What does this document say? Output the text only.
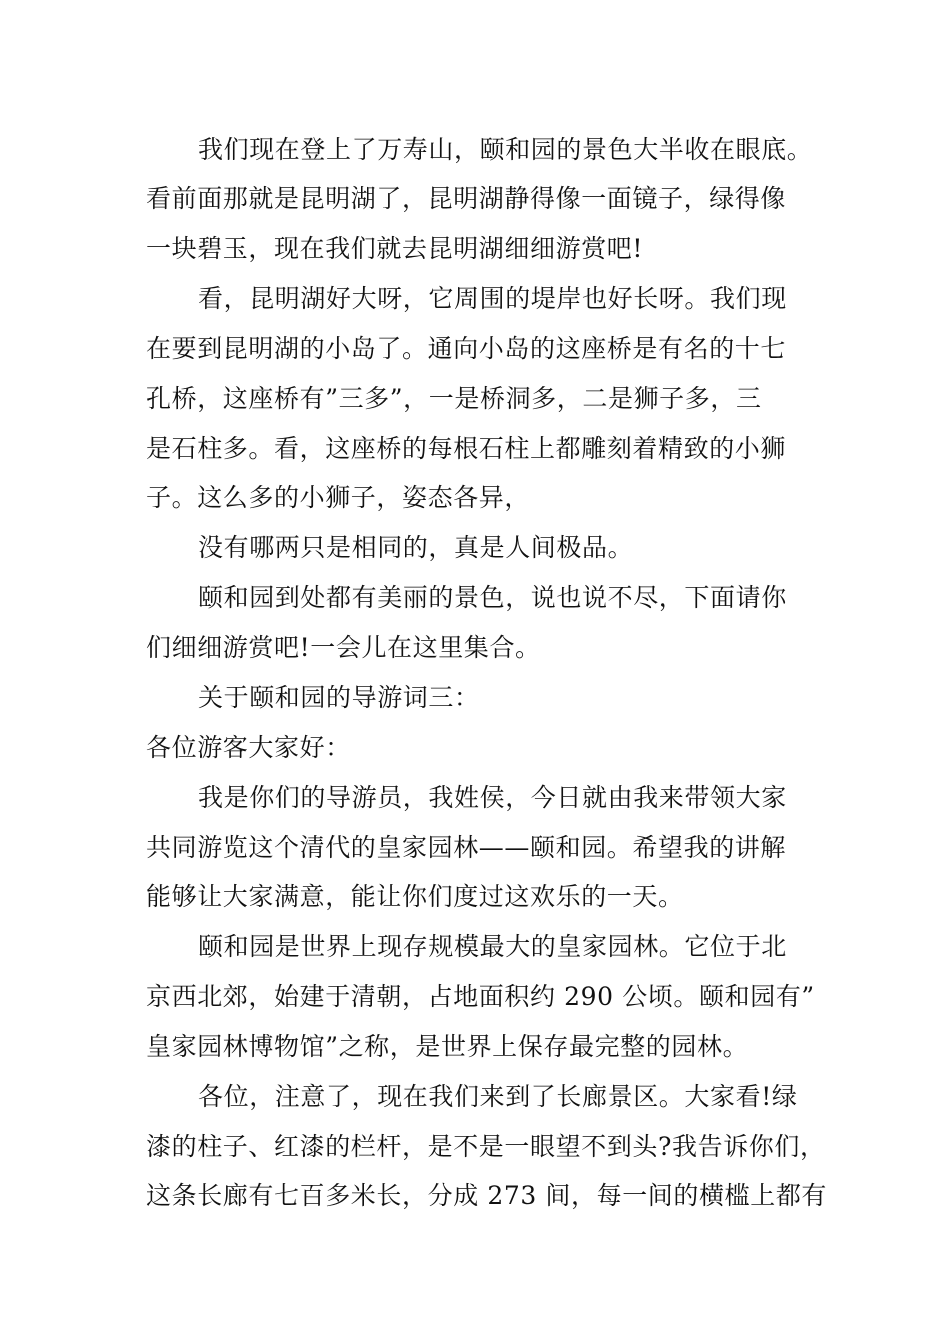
我们现在登上了万寿山，颐和园的景色大半收在眼底。
看前面那就是昆明湖了，昆明湖静得像一面镜子，绿得像
一块碧玉，现在我们就去昆明湖细细游赏吧!
看，昆明湖好大呀，它周围的堤岸也好长呀。我们现
在要到昆明湖的小岛了。通向小岛的这座桥是有名的十七
孔桥，这座桥有”三多”，一是桥洞多，二是狮子多，三
是石柱多。看，这座桥的每根石柱上都雕刻着精致的小狮
子。这么多的小狮子，姿态各异，
没有哪两只是相同的，真是人间极品。
颐和园到处都有美丽的景色，说也说不尽，下面请你
们细细游赏吧!一会儿在这里集合。
关于颐和园的导游词三：
各位游客大家好：
我是你们的导游员，我姓侯，今日就由我来带领大家
共同游览这个清代的皇家园林——颐和园。希望我的讲解
能够让大家满意，能让你们度过这欢乐的一天。
颐和园是世界上现存规模最大的皇家园林。它位于北
京西北郊，始建于清朝，占地面积约 290 公顷。颐和园有”
皇家园林博物馆”之称，是世界上保存最完整的园林。
各位，注意了，现在我们来到了长廊景区。大家看!绿
漆的柱子、红漆的栏杆，是不是一眼望不到头?我告诉你们，
这条长廊有七百多米长，分成 273 间，每一间的横槛上都有
